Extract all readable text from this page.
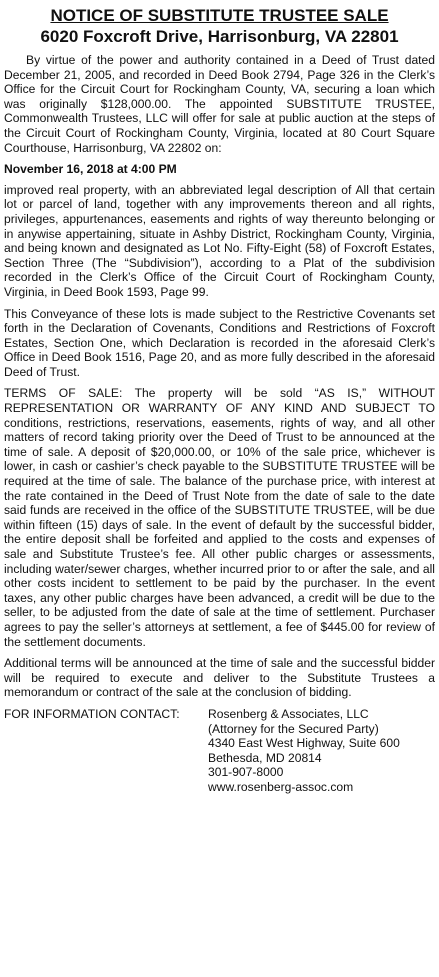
NOTICE OF SUBSTITUTE TRUSTEE SALE
6020 Foxcroft Drive, Harrisonburg, VA 22801

By virtue of the power and authority contained in a Deed of Trust dated December 21, 2005, and recorded in Deed Book 2794, Page 326 in the Clerk’s Office for the Circuit Court for Rockingham County, VA, securing a loan which was originally $128,000.00. The appointed SUBSTITUTE TRUSTEE, Commonwealth Trustees, LLC will offer for sale at public auction at the steps of the Circuit Court of Rockingham County, Virginia, located at 80 Court Square Courthouse, Harrisonburg, VA 22802 on:

November 16, 2018 at 4:00 PM

improved real property, with an abbreviated legal description of All that certain lot or parcel of land, together with any improvements thereon and all rights, privileges, appurtenances, easements and rights of way thereunto belonging or in anywise appertaining, situate in Ashby District, Rockingham County, Virginia, and being known and designated as Lot No. Fifty-Eight (58) of Foxcroft Estates, Section Three (The “Subdivision”), according to a Plat of the subdivision recorded in the Clerk’s Office of the Circuit Court of Rockingham County, Virginia, in Deed Book 1593, Page 99.

This Conveyance of these lots is made subject to the Restrictive Covenants set forth in the Declaration of Covenants, Conditions and Restrictions of Foxcroft Estates, Section One, which Declaration is recorded in the aforesaid Clerk’s Office in Deed Book 1516, Page 20, and as more fully described in the aforesaid Deed of Trust.

TERMS OF SALE: The property will be sold “AS IS,” WITHOUT REPRESENTATION OR WARRANTY OF ANY KIND AND SUBJECT TO conditions, restrictions, reservations, easements, rights of way, and all other matters of record taking priority over the Deed of Trust to be announced at the time of sale. A deposit of $20,000.00, or 10% of the sale price, whichever is lower, in cash or cashier’s check payable to the SUBSTITUTE TRUSTEE will be required at the time of sale. The balance of the purchase price, with interest at the rate contained in the Deed of Trust Note from the date of sale to the date said funds are received in the office of the SUBSTITUTE TRUSTEE, will be due within fifteen (15) days of sale. In the event of default by the successful bidder, the entire deposit shall be forfeited and applied to the costs and expenses of sale and Substitute Trustee’s fee. All other public charges or assessments, including water/sewer charges, whether incurred prior to or after the sale, and all other costs incident to settlement to be paid by the purchaser. In the event taxes, any other public charges have been advanced, a credit will be due to the seller, to be adjusted from the date of sale at the time of settlement. Purchaser agrees to pay the seller’s attorneys at settlement, a fee of $445.00 for review of the settlement documents.

Additional terms will be announced at the time of sale and the successful bidder will be required to execute and deliver to the Substitute Trustees a memorandum or contract of the sale at the conclusion of bidding.

FOR INFORMATION CONTACT:	Rosenberg & Associates, LLC
(Attorney for the Secured Party)
4340 East West Highway, Suite 600
Bethesda, MD 20814
301-907-8000
www.rosenberg-assoc.com
